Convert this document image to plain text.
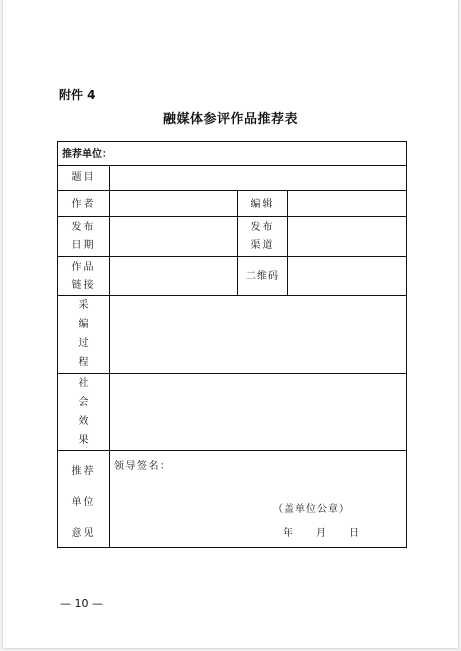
附件 4
融媒体参评作品推荐表
推荐单位：
题目
作者	编辑
发布
日期
发布
渠道
作品
链接
二维码
采
编
过
程
社
会
效
果
推荐
单位
意见
领导签名：
（盖单位公章）
年　　月　　日
— 10 —
